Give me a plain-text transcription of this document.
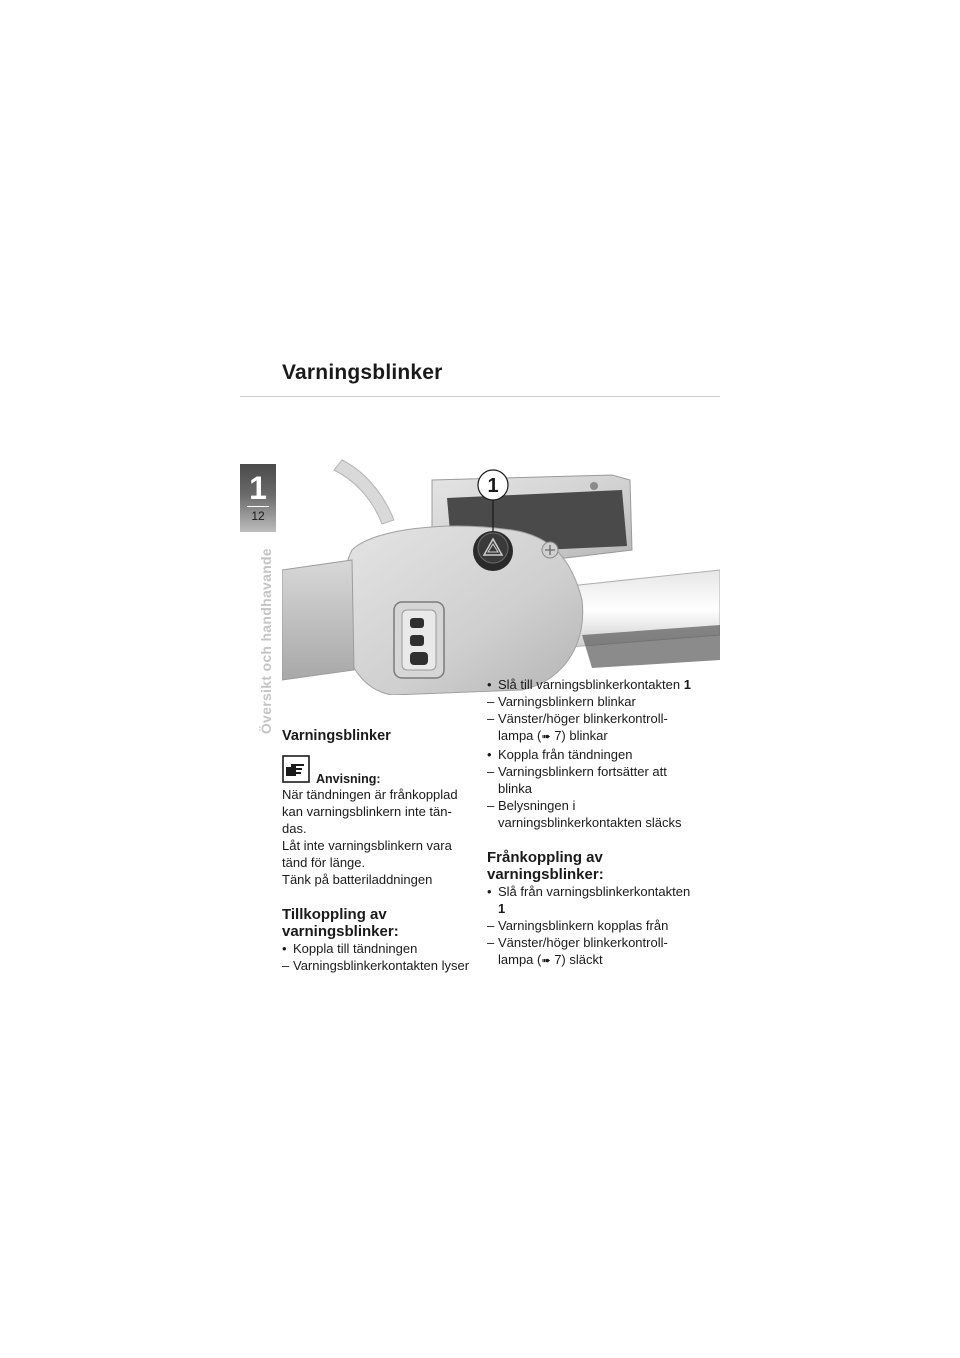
Varningsblinker
1
12
Översikt och handhavande
1
Varningsblinker
Anvisning:

När tändningen är frånkopplad kan varningsblinkern inte tän-das.

Låt inte varningsblinkern vara tänd för länge.

Tänk på batteriladdningen

Tillkoppling av varningsblinker:
• Koppla till tändningen
– Varningsblinkerkontakten lyser
• Slå till varningsblinkerkontakten 1
– Varningsblinkern blinkar
– Vänster/höger blinkerkontroll-lampa (➠ 7) blinkar
• Koppla från tändningen
– Varningsblinkern fortsätter att blinka
– Belysningen i varningsblinkerkontakten släcks
Frånkoppling av varningsblinker:
• Slå från varningsblinkerkontakten 1
– Varningsblinkern kopplas från
– Vänster/höger blinkerkontroll-lampa (➠ 7) släckt
